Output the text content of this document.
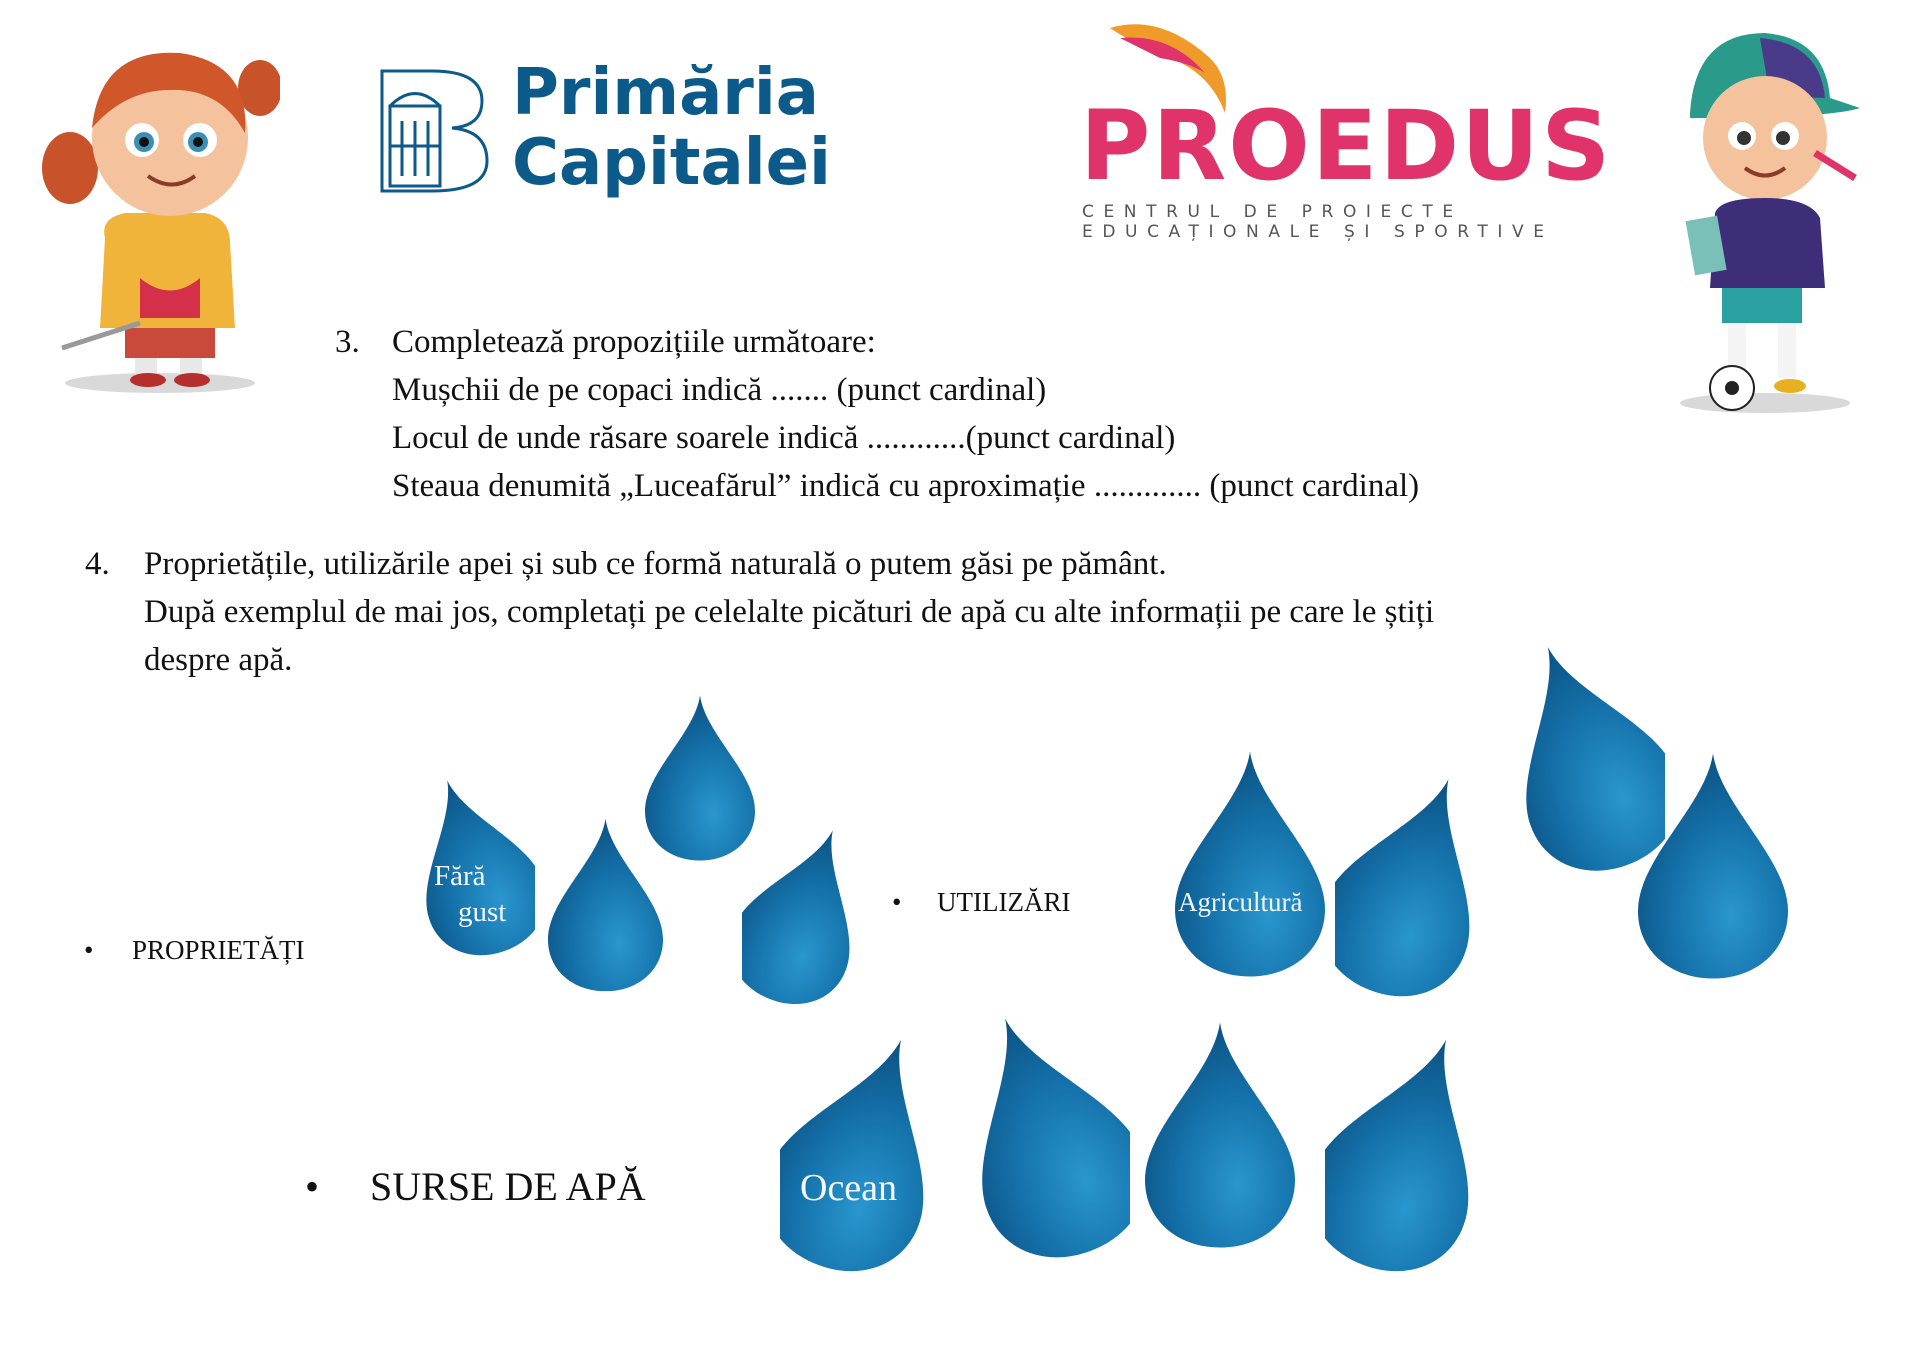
Primăria
Capitalei	PROEDUS
CENTRUL DE PROIECTE
EDUCAȚIONALE ȘI SPORTIVE
3. Completează propozițiile următoare:
Mușchii de pe copaci indică ....... (punct cardinal)
Locul de unde răsare soarele indică ............(punct cardinal)
Steaua denumită „Luceafărul” indică cu aproximație ............. (punct cardinal)
4. Proprietățile, utilizările apei și sub ce formă naturală o putem găsi pe pământ.
După exemplul de mai jos, completați pe celelalte picături de apă cu alte informații pe care le știți
despre apă.
• PROPRIETĂȚI
• UTILIZĂRI
• SURSE DE APĂ
Fără
gust	Agricultură
Ocean
